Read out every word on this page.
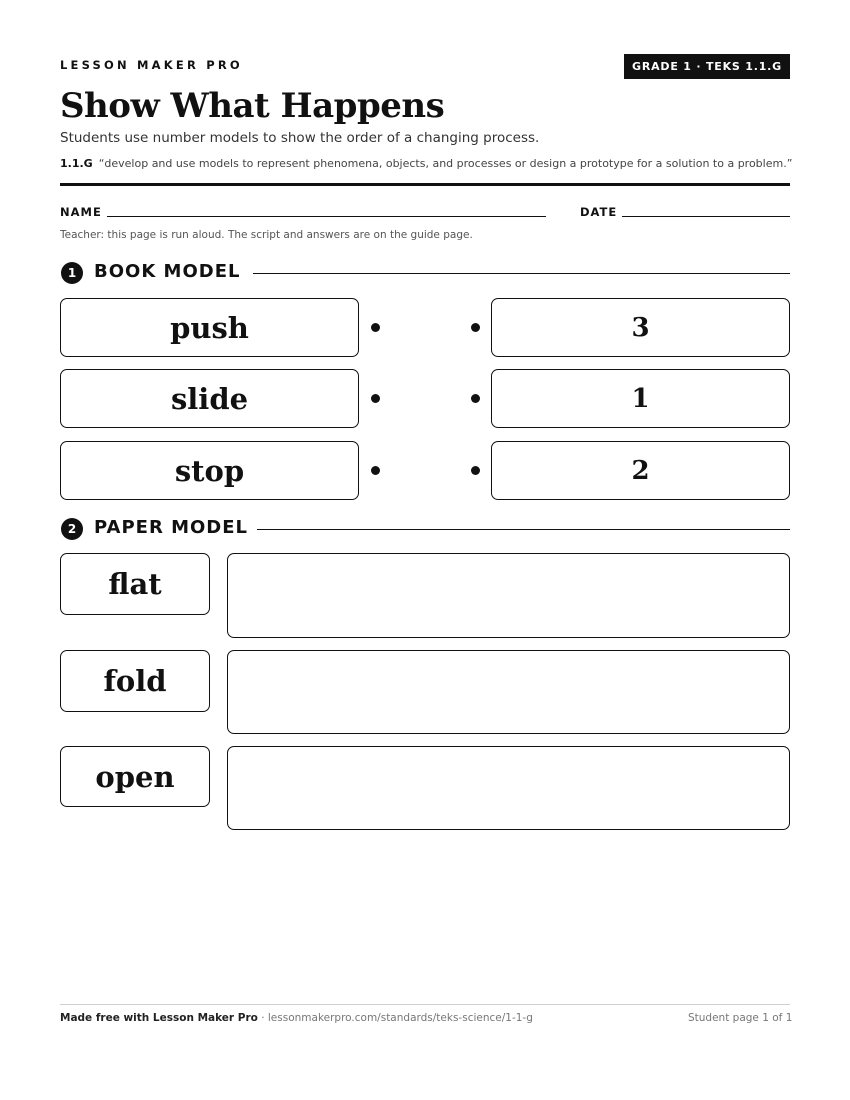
LESSON MAKER PRO	GRADE 1 · TEKS 1.1.G
Show What Happens
Students use number models to show the order of a changing process.
1.1.G “develop and use models to represent phenomena, objects, and processes or design a prototype for a solution to a problem.”
NAME	DATE
Teacher: this page is run aloud. The script and answers are on the guide page.
1 BOOK MODEL
push	3
slide	1
stop	2
2 PAPER MODEL
flat
fold
open
Made free with Lesson Maker Pro · lessonmakerpro.com/standards/teks-science/1-1-g	Student page 1 of 1
